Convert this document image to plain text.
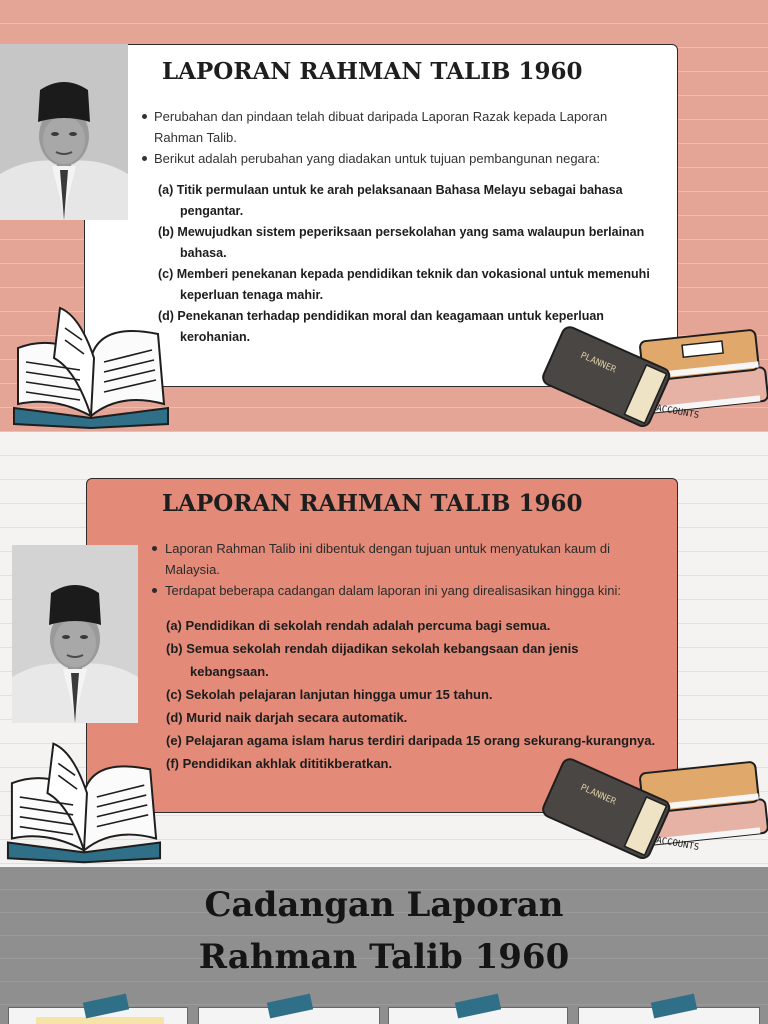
LAPORAN RAHMAN TALIB 1960
Perubahan dan pindaan telah dibuat daripada Laporan Razak kepada Laporan Rahman Talib.
Berikut adalah perubahan yang diadakan untuk tujuan pembangunan negara:
(a) Titik permulaan untuk ke arah pelaksanaan Bahasa Melayu sebagai bahasa pengantar.
(b) Mewujudkan sistem peperiksaan persekolahan yang sama walaupun berlainan bahasa.
(c) Memberi penekanan kepada pendidikan teknik dan vokasional untuk memenuhi keperluan tenaga mahir.
(d) Penekanan terhadap pendidikan moral dan keagamaan untuk keperluan kerohanian.
PLANNER
ACCOUNTS
LAPORAN RAHMAN TALIB 1960
Laporan Rahman Talib ini dibentuk dengan tujuan untuk menyatukan kaum di Malaysia.
Terdapat beberapa cadangan dalam laporan ini yang direalisasikan hingga kini:
(a) Pendidikan di sekolah rendah adalah percuma bagi semua.
(b) Semua sekolah rendah dijadikan sekolah kebangsaan dan jenis kebangsaan.
(c) Sekolah pelajaran lanjutan hingga umur 15 tahun.
(d) Murid naik darjah secara automatik.
(e) Pelajaran agama islam harus terdiri daripada 15 orang sekurang-kurangnya.
(f) Pendidikan akhlak dititikberatkan.
PLANNER
ACCOUNTS
Cadangan Laporan
Rahman Talib 1960
